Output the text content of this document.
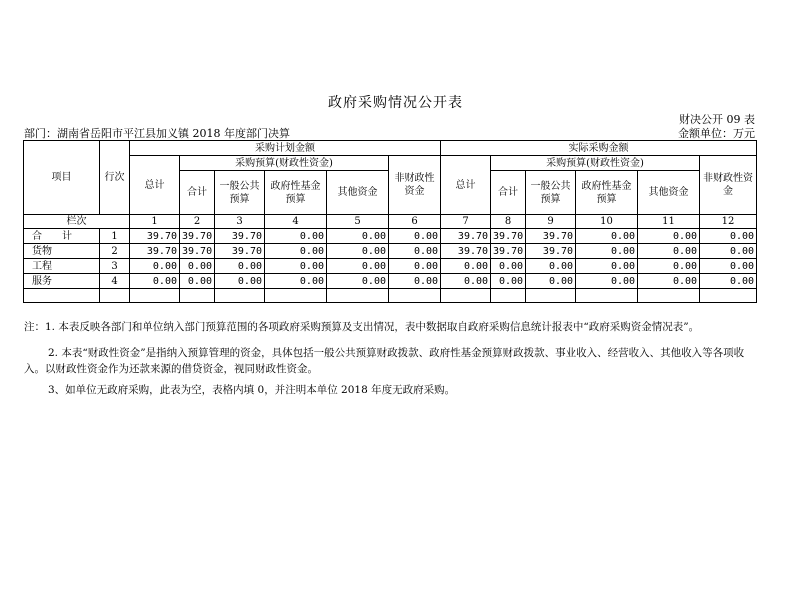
政府采购情况公开表
财决公开 09 表
部门：湖南省岳阳市平江县加义镇 2018 年度部门决算	金额单位：万元
项目	行次	采购计划金额						实际采购金额					
		总计	采购预算(财政性资金)				非财政性资金	总计	采购预算(财政性资金)				非财政性资金
			合计	一般公共预算	政府性基金预算	其他资金			合计	一般公共预算	政府性基金预算	其他资金	
栏次		1	2	3	4	5	6	7	8	9	10	11	12
合　　计	1	39.70	39.70	39.70	0.00	0.00	0.00	39.70	39.70	39.70	0.00	0.00	0.00
货物	2	39.70	39.70	39.70	0.00	0.00	0.00	39.70	39.70	39.70	0.00	0.00	0.00
工程	3	0.00	0.00	0.00	0.00	0.00	0.00	0.00	0.00	0.00	0.00	0.00	0.00
服务	4	0.00	0.00	0.00	0.00	0.00	0.00	0.00	0.00	0.00	0.00	0.00	0.00

注：1. 本表反映各部门和单位纳入部门预算范围的各项政府采购预算及支出情况，表中数据取自政府采购信息统计报表中“政府采购资金情况表”。
2. 本表“财政性资金”是指纳入预算管理的资金，具体包括一般公共预算财政拨款、政府性基金预算财政拨款、事业收入、经营收入、其他收入等各项收入。以财政性资金作为还款来源的借贷资金，视同财政性资金。
3、如单位无政府采购，此表为空，表格内填 0，并注明本单位 2018 年度无政府采购。
